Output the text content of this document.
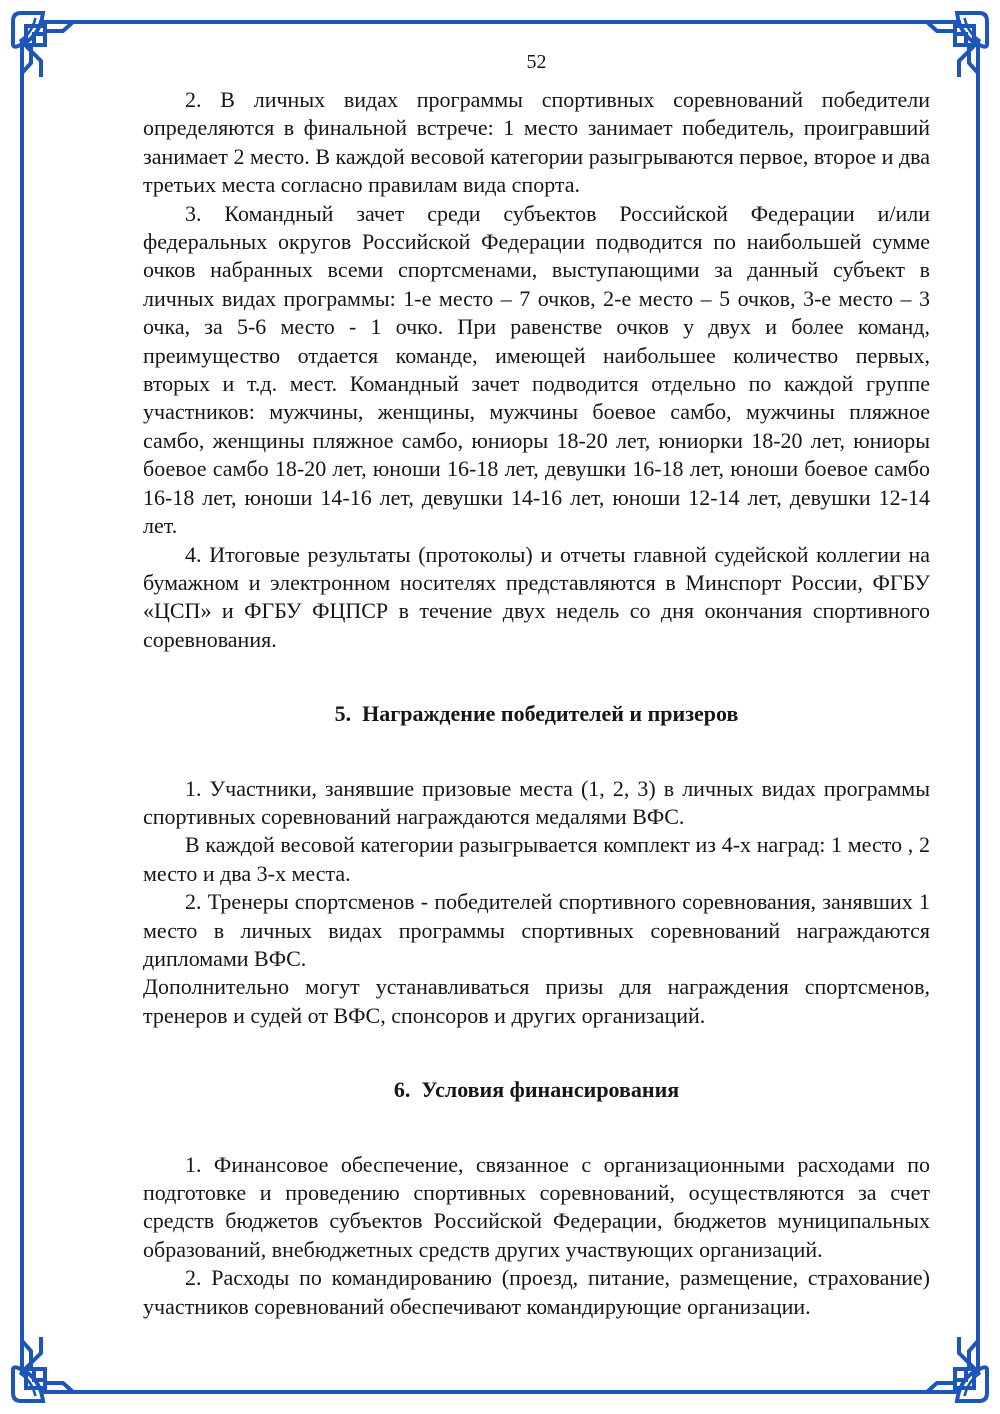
52

2. В личных видах программы спортивных соревнований победители определяются в финальной встрече: 1 место занимает победитель, проигравший занимает 2 место. В каждой весовой категории разыгрываются первое, второе и два третьих места согласно правилам вида спорта.

3. Командный зачет среди субъектов Российской Федерации и/или федеральных округов Российской Федерации подводится по наибольшей сумме очков набранных всеми спортсменами, выступающими за данный субъект в личных видах программы: 1-е место – 7 очков, 2-е место – 5 очков, 3-е место – 3 очка, за 5-6 место - 1 очко. При равенстве очков у двух и более команд, преимущество отдается команде, имеющей наибольшее количество первых, вторых и т.д. мест. Командный зачет подводится отдельно по каждой группе участников: мужчины, женщины, мужчины боевое самбо, мужчины пляжное самбо, женщины пляжное самбо, юниоры 18-20 лет, юниорки 18-20 лет, юниоры боевое самбо 18-20 лет, юноши 16-18 лет, девушки 16-18 лет, юноши боевое самбо 16-18 лет, юноши 14-16 лет, девушки 14-16 лет, юноши 12-14 лет, девушки 12-14 лет.

4. Итоговые результаты (протоколы) и отчеты главной судейской коллегии на бумажном и электронном носителях представляются в Минспорт России, ФГБУ «ЦСП» и ФГБУ ФЦПСР в течение двух недель со дня окончания спортивного соревнования.

5.  Награждение победителей и призеров

1. Участники, занявшие призовые места (1, 2, 3) в личных видах программы спортивных соревнований награждаются медалями ВФС.

В каждой весовой категории разыгрывается комплект из 4-х наград: 1 место , 2 место и два 3-х места.

2. Тренеры спортсменов - победителей спортивного соревнования, занявших 1 место в личных видах программы спортивных соревнований награждаются дипломами ВФС.

Дополнительно могут устанавливаться призы для награждения спортсменов, тренеров и судей от ВФС, спонсоров и других организаций.

6.  Условия финансирования

1. Финансовое обеспечение, связанное с организационными расходами по подготовке и проведению спортивных соревнований, осуществляются за счет средств бюджетов субъектов Российской Федерации, бюджетов муниципальных образований, внебюджетных средств других участвующих организаций.

2. Расходы по командированию (проезд, питание, размещение, страхование) участников соревнований обеспечивают командирующие организации.
